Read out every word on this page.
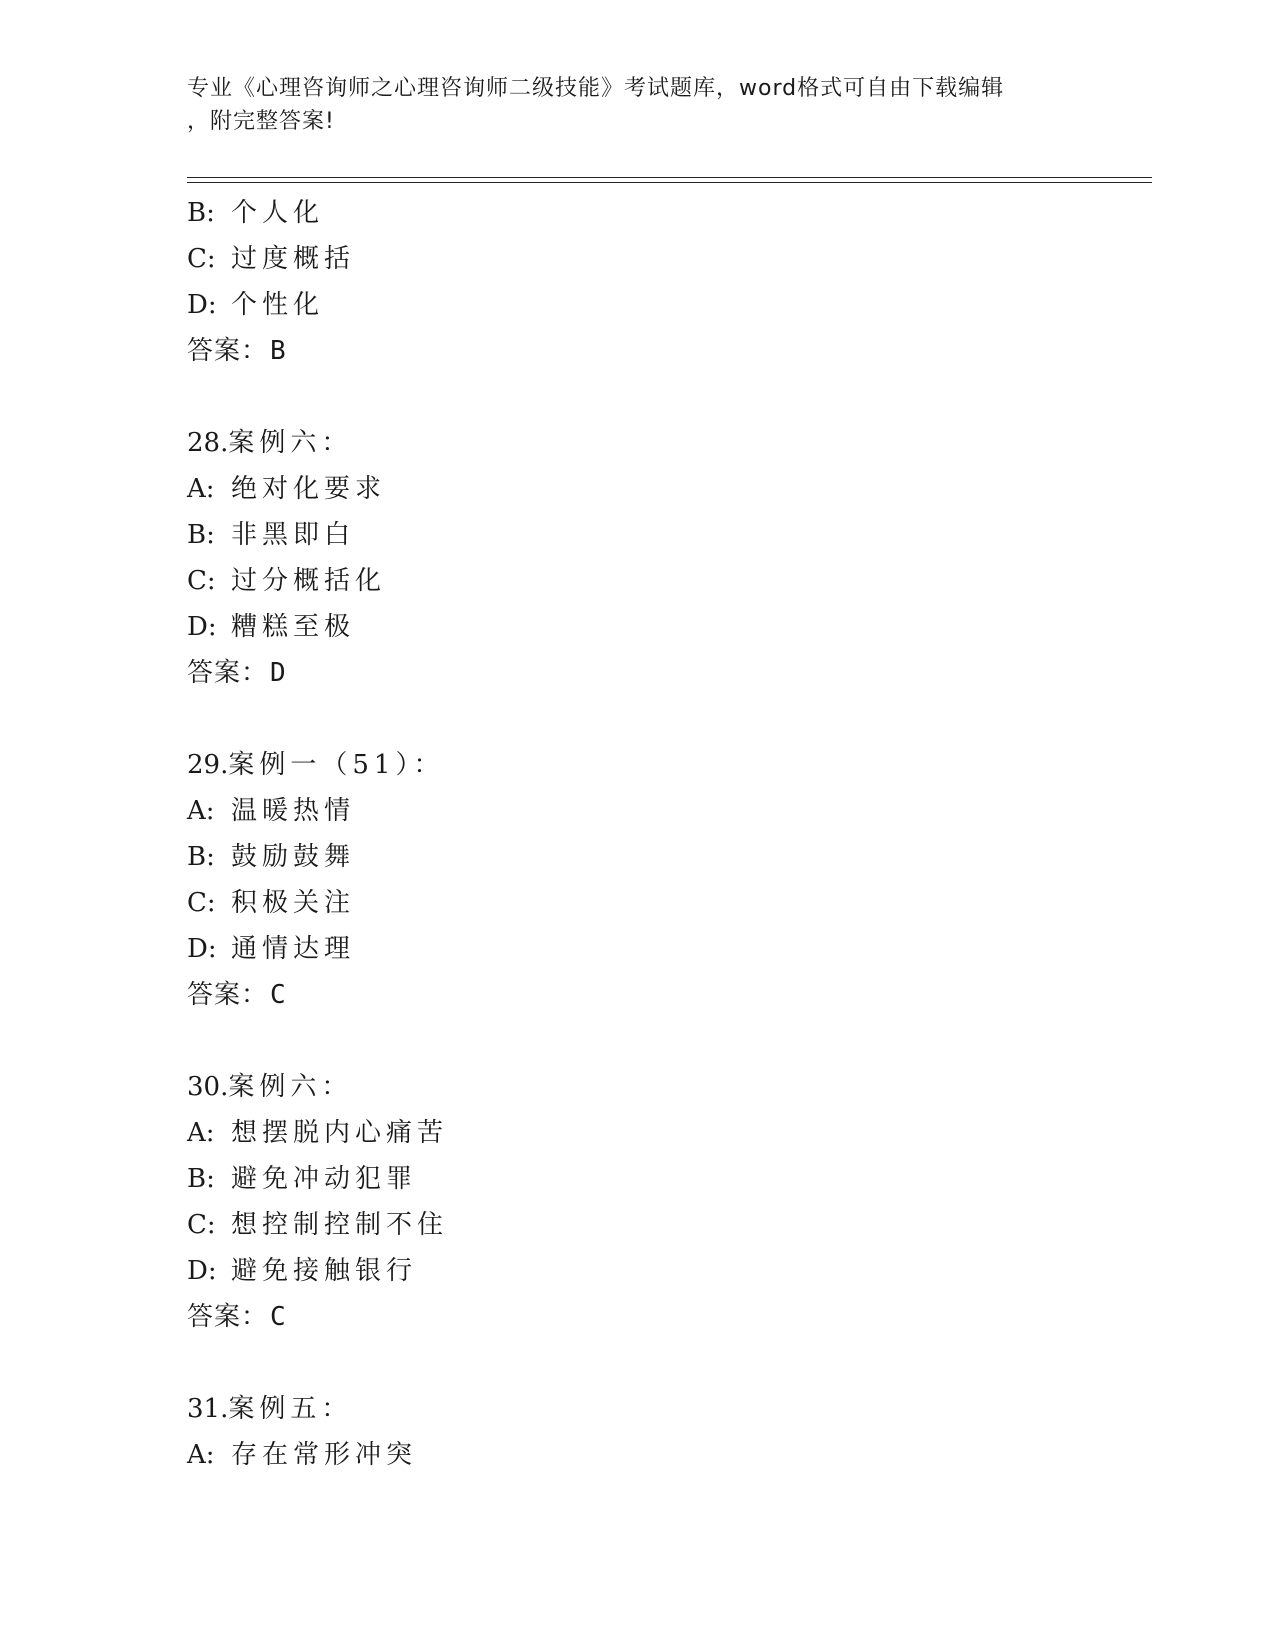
专业《心理咨询师之心理咨询师二级技能》考试题库，word格式可自由下载编辑
，附完整答案!
B: 个人化
C: 过度概括
D: 个性化
答案：B
28.案例六：
A: 绝对化要求
B: 非黑即白
C: 过分概括化
D: 糟糕至极
答案：D
29.案例一（51）：
A: 温暖热情
B: 鼓励鼓舞
C: 积极关注
D: 通情达理
答案：C
30.案例六：
A: 想摆脱内心痛苦
B: 避免冲动犯罪
C: 想控制控制不住
D: 避免接触银行
答案：C
31.案例五：
A: 存在常形冲突
